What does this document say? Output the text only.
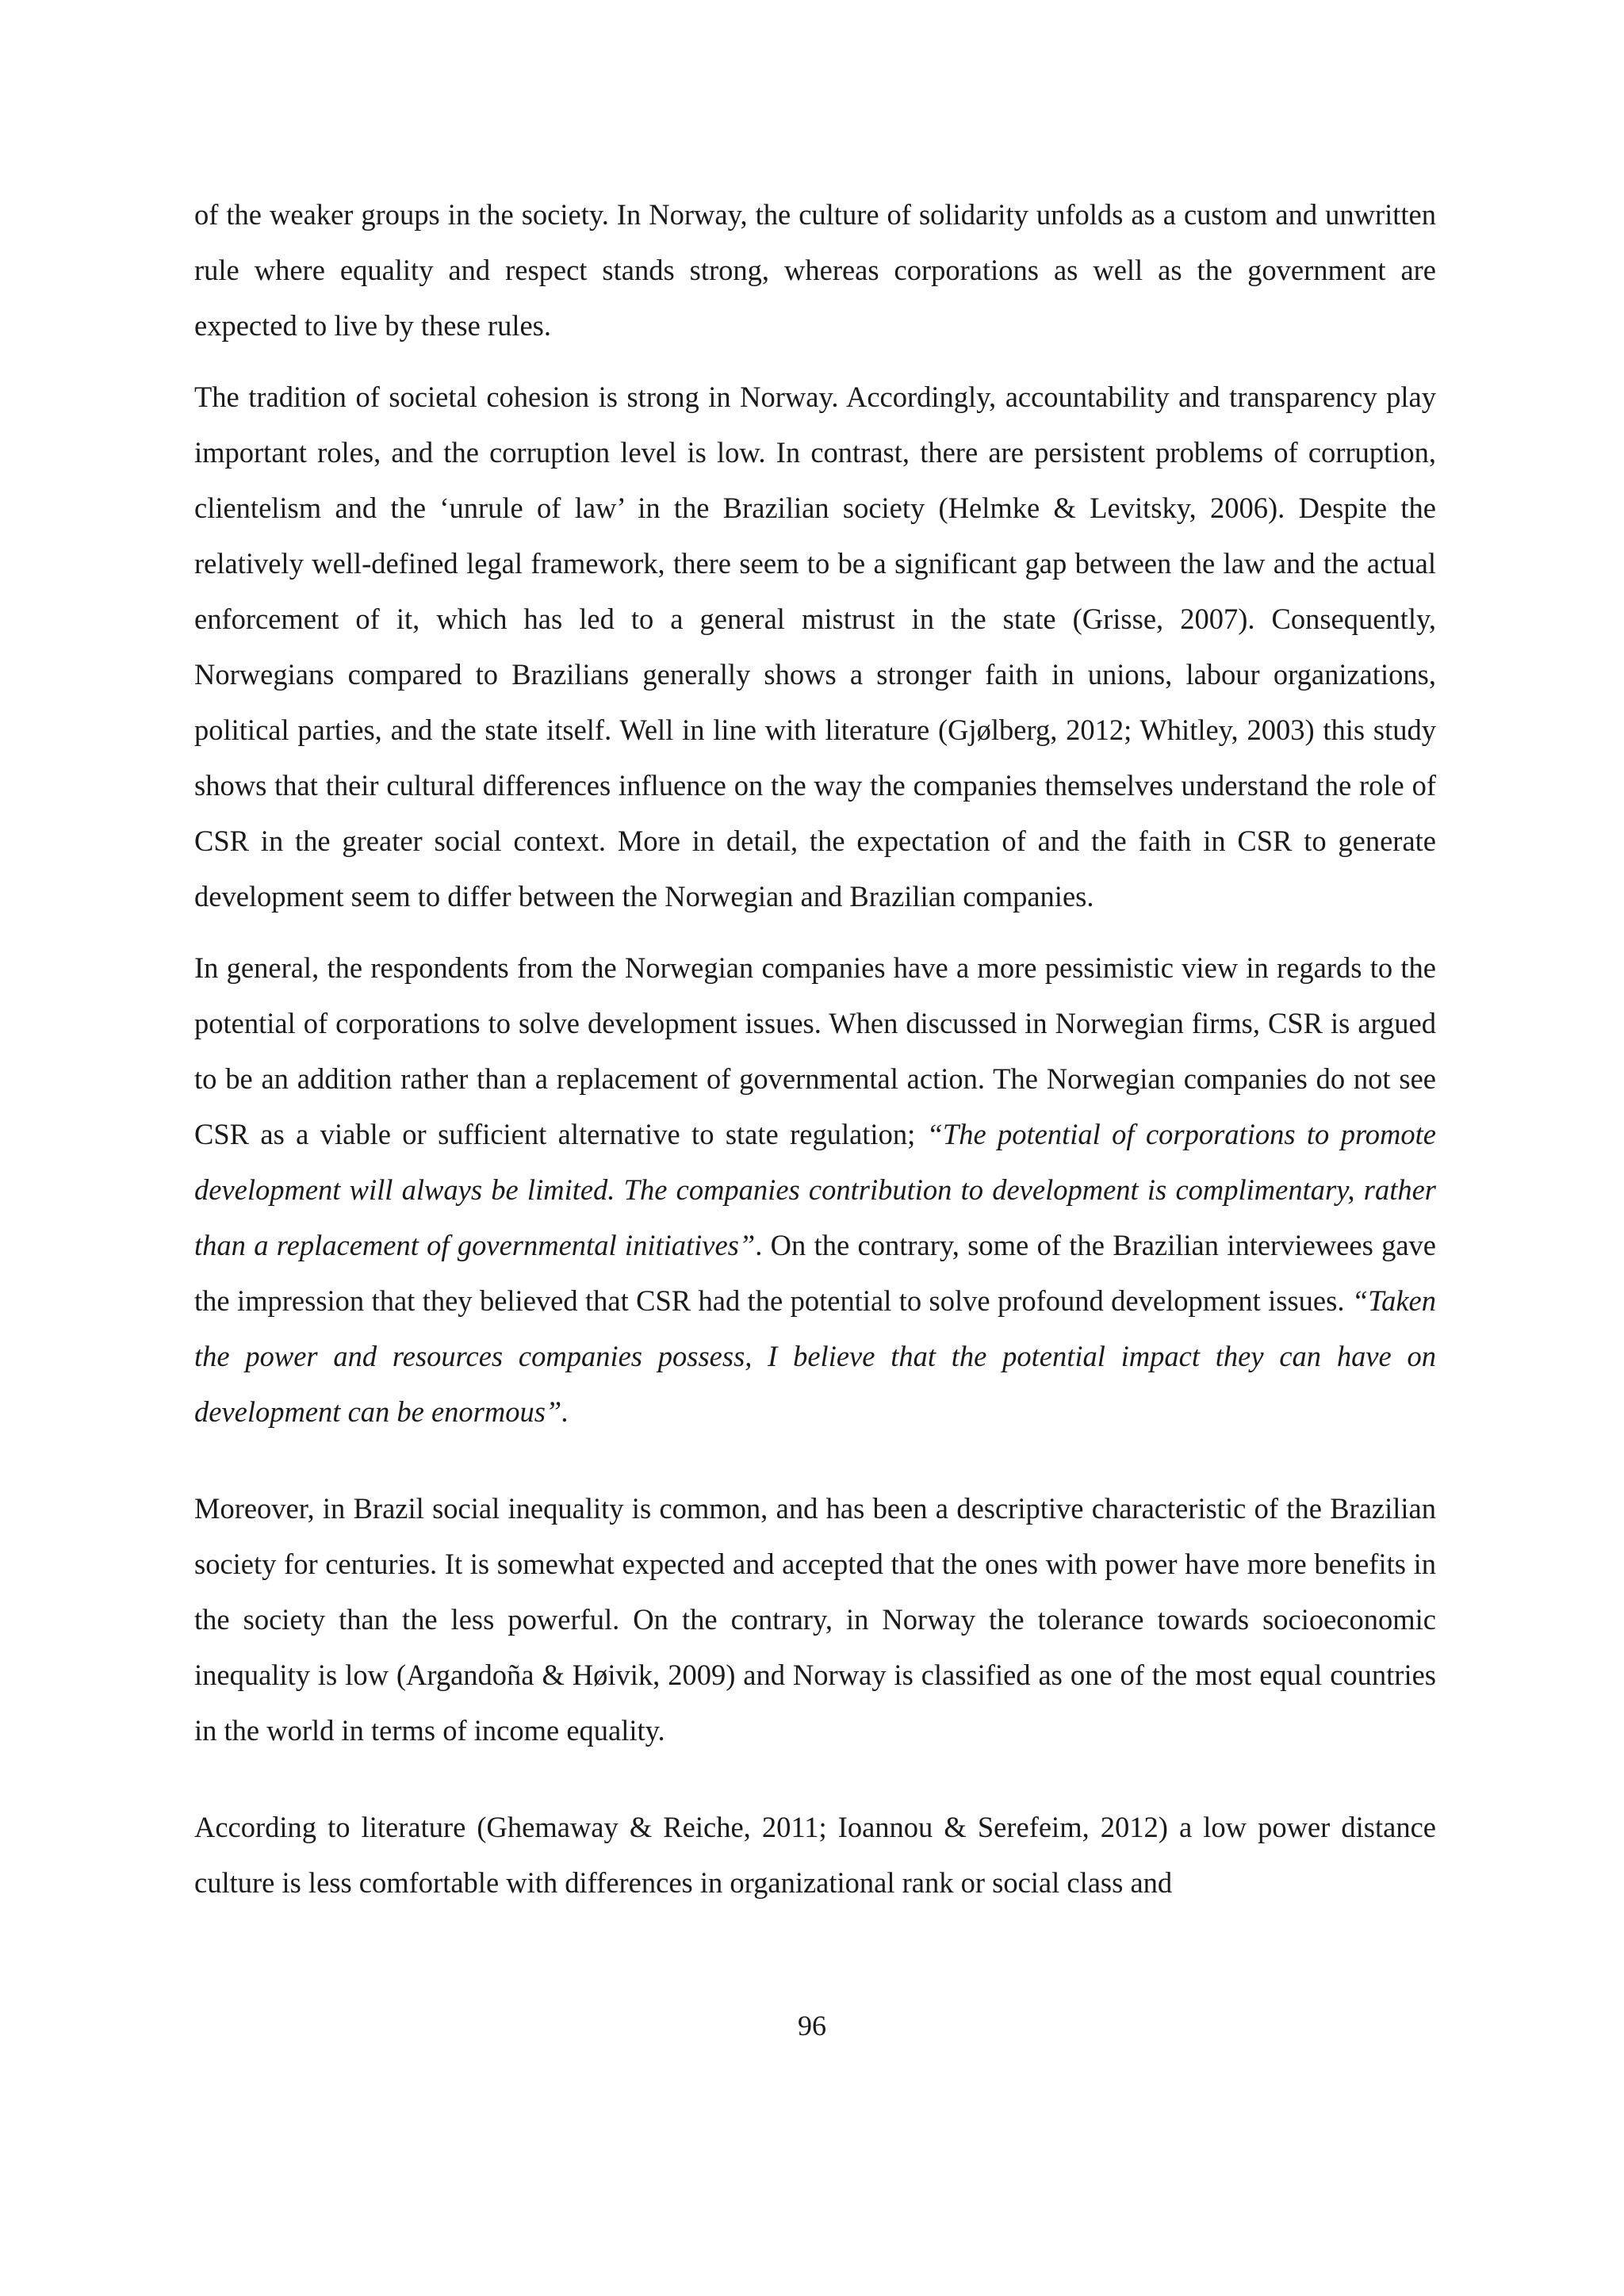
of the weaker groups in the society. In Norway, the culture of solidarity unfolds as a custom and unwritten rule where equality and respect stands strong, whereas corporations as well as the government are expected to live by these rules.

The tradition of societal cohesion is strong in Norway. Accordingly, accountability and transparency play important roles, and the corruption level is low. In contrast, there are persistent problems of corruption, clientelism and the ‘unrule of law’ in the Brazilian society (Helmke & Levitsky, 2006). Despite the relatively well-defined legal framework, there seem to be a significant gap between the law and the actual enforcement of it, which has led to a general mistrust in the state (Grisse, 2007). Consequently, Norwegians compared to Brazilians generally shows a stronger faith in unions, labour organizations, political parties, and the state itself. Well in line with literature (Gjølberg, 2012; Whitley, 2003) this study shows that their cultural differences influence on the way the companies themselves understand the role of CSR in the greater social context. More in detail, the expectation of and the faith in CSR to generate development seem to differ between the Norwegian and Brazilian companies.

In general, the respondents from the Norwegian companies have a more pessimistic view in regards to the potential of corporations to solve development issues. When discussed in Norwegian firms, CSR is argued to be an addition rather than a replacement of governmental action. The Norwegian companies do not see CSR as a viable or sufficient alternative to state regulation; “The potential of corporations to promote development will always be limited. The companies contribution to development is complimentary, rather than a replacement of governmental initiatives”. On the contrary, some of the Brazilian interviewees gave the impression that they believed that CSR had the potential to solve profound development issues. “Taken the power and resources companies possess, I believe that the potential impact they can have on development can be enormous”.

Moreover, in Brazil social inequality is common, and has been a descriptive characteristic of the Brazilian society for centuries. It is somewhat expected and accepted that the ones with power have more benefits in the society than the less powerful. On the contrary, in Norway the tolerance towards socioeconomic inequality is low (Argandoña & Høivik, 2009) and Norway is classified as one of the most equal countries in the world in terms of income equality.

According to literature (Ghemaway & Reiche, 2011; Ioannou & Serefeim, 2012) a low power distance culture is less comfortable with differences in organizational rank or social class and

96
